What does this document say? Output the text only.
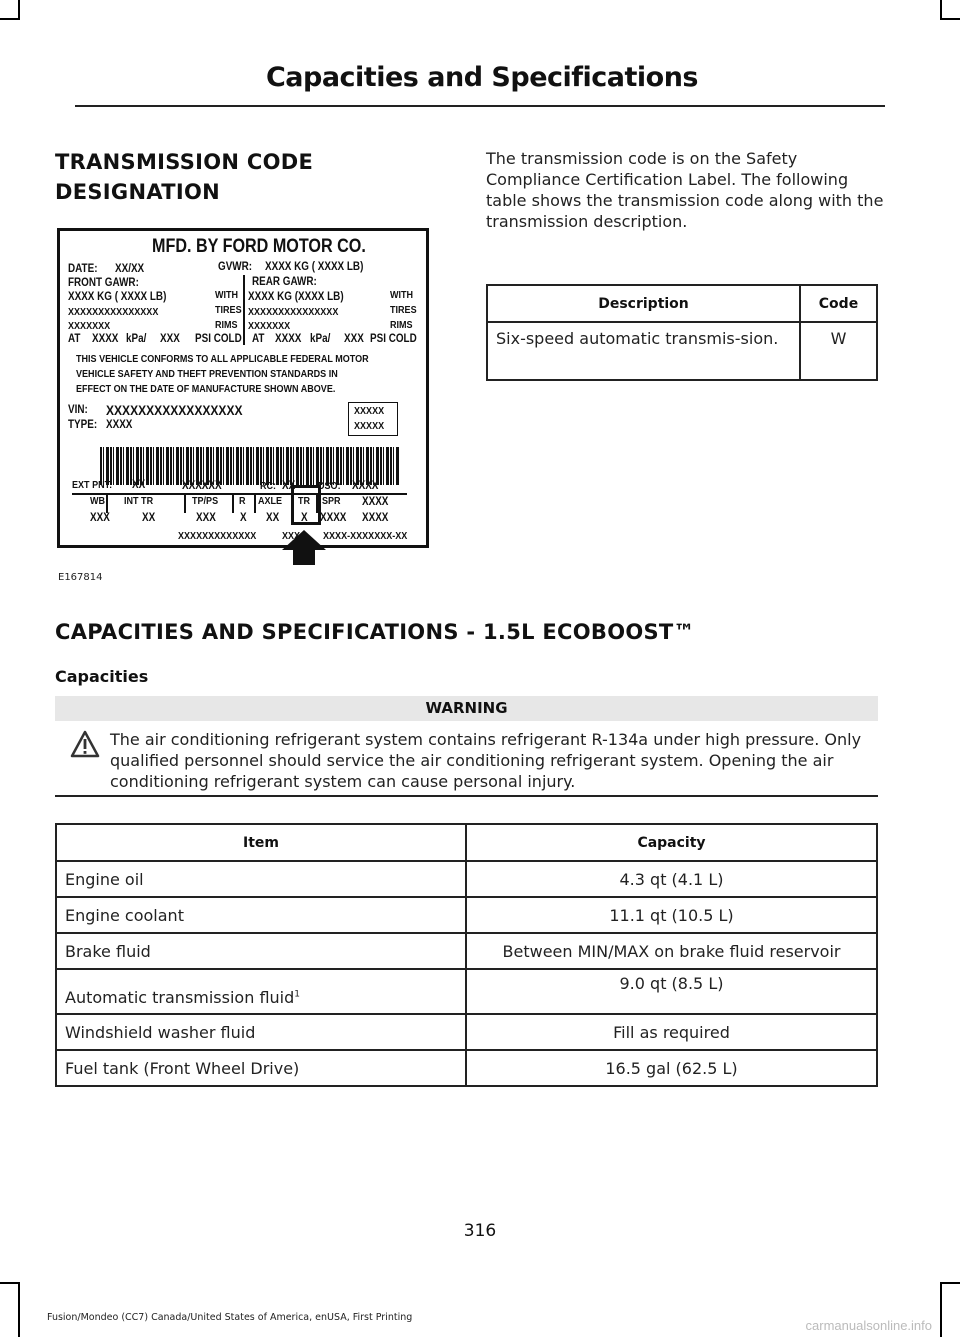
Capacities and Specifications
TRANSMISSION CODE
DESIGNATION
The transmission code is on the Safety Compliance Certification Label. The following table shows the transmission code along with the transmission description.
MFD. BY FORD MOTOR CO.
DATE: XX/XX	GVWR: XXXX KG ( XXXX LB)
FRONT GAWR:	REAR GAWR:
XXXX KG ( XXXX LB)	XXXX KG (XXXX LB)
XXXXXXXXXXXXXXX	XXXXXXXXXXXXXXX
XXXXXXX	XXXXXXX
WITH
TIRES
RIMS
WITH
TIRES
RIMS
AT XXXX kPa/ XXX PSI COLD AT XXXX kPa/ XXX PSI COLD
THIS VEHICLE CONFORMS TO ALL APPLICABLE FEDERAL MOTOR
VEHICLE SAFETY AND THEFT PREVENTION STANDARDS IN
EFFECT ON THE DATE OF MANUFACTURE SHOWN ABOVE.
VIN: XXXXXXXXXXXXXXXXX
TYPE: XXXX
XXXXX
XXXXX
EXT PNT: XX	XXXXXX	RC: XX DSO: XXXX
WB INT TR	TP/PS R AXLE TR SPR XXXX
XXX	XX	XXX X XX X XXXX XXXX
XXXXXXXXXXXXX XXX XXXX-XXXXXXX-XX
E167814
Description	Code
Six-speed automatic transmis-sion.	W
CAPACITIES AND SPECIFICATIONS - 1.5L ECOBOOST™
Capacities
WARNING
The air conditioning refrigerant system contains refrigerant R-134a under high pressure. Only qualified personnel should service the air conditioning refrigerant system. Opening the air conditioning refrigerant system can cause personal injury.
Item	Capacity
Engine oil	4.3 qt (4.1 L)
Engine coolant	11.1 qt (10.5 L)
Brake fluid	Between MIN/MAX on brake fluid reservoir
Automatic transmission fluid$^1$	9.0 qt (8.5 L)
Windshield washer fluid	Fill as required
Fuel tank (Front Wheel Drive)	16.5 gal (62.5 L)
316
Fusion/Mondeo (CC7) Canada/United States of America, enUSA, First Printing
carmanualsonline.info
